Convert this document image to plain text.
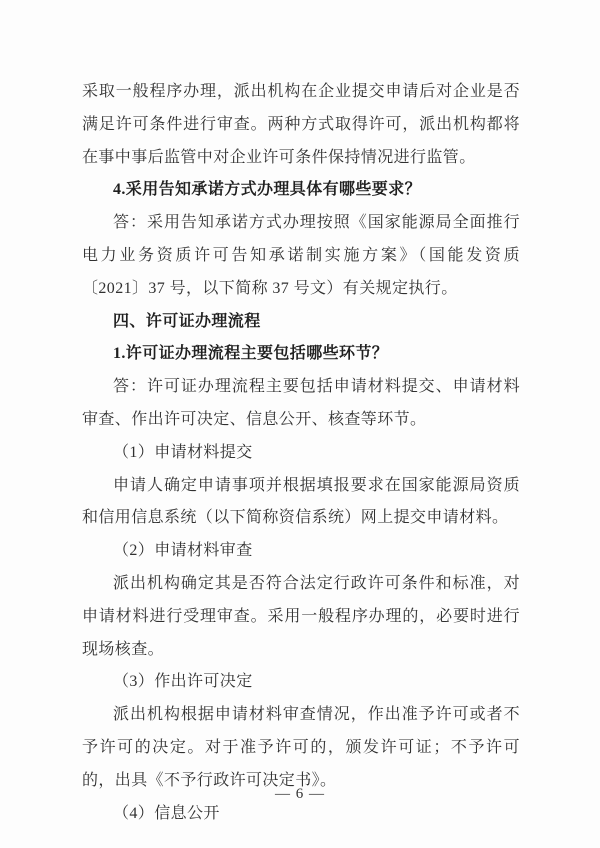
采取一般程序办理，派出机构在企业提交申请后对企业是否满足许可条件进行审查。两种方式取得许可，派出机构都将在事中事后监管中对企业许可条件保持情况进行监管。

4.采用告知承诺方式办理具体有哪些要求？

答：采用告知承诺方式办理按照《国家能源局全面推行电力业务资质许可告知承诺制实施方案》（国能发资质〔2021〕37 号，以下简称 37 号文）有关规定执行。

四、许可证办理流程

1.许可证办理流程主要包括哪些环节？

答：许可证办理流程主要包括申请材料提交、申请材料审查、作出许可决定、信息公开、核查等环节。

（1）申请材料提交

申请人确定申请事项并根据填报要求在国家能源局资质和信用信息系统（以下简称资信系统）网上提交申请材料。

（2）申请材料审查

派出机构确定其是否符合法定行政许可条件和标准，对申请材料进行受理审查。采用一般程序办理的，必要时进行现场核查。

（3）作出许可决定

派出机构根据申请材料审查情况，作出准予许可或者不予许可的决定。对于准予许可的，颁发许可证；不予许可的，出具《不予行政许可决定书》。

（4）信息公开

— 6 —
